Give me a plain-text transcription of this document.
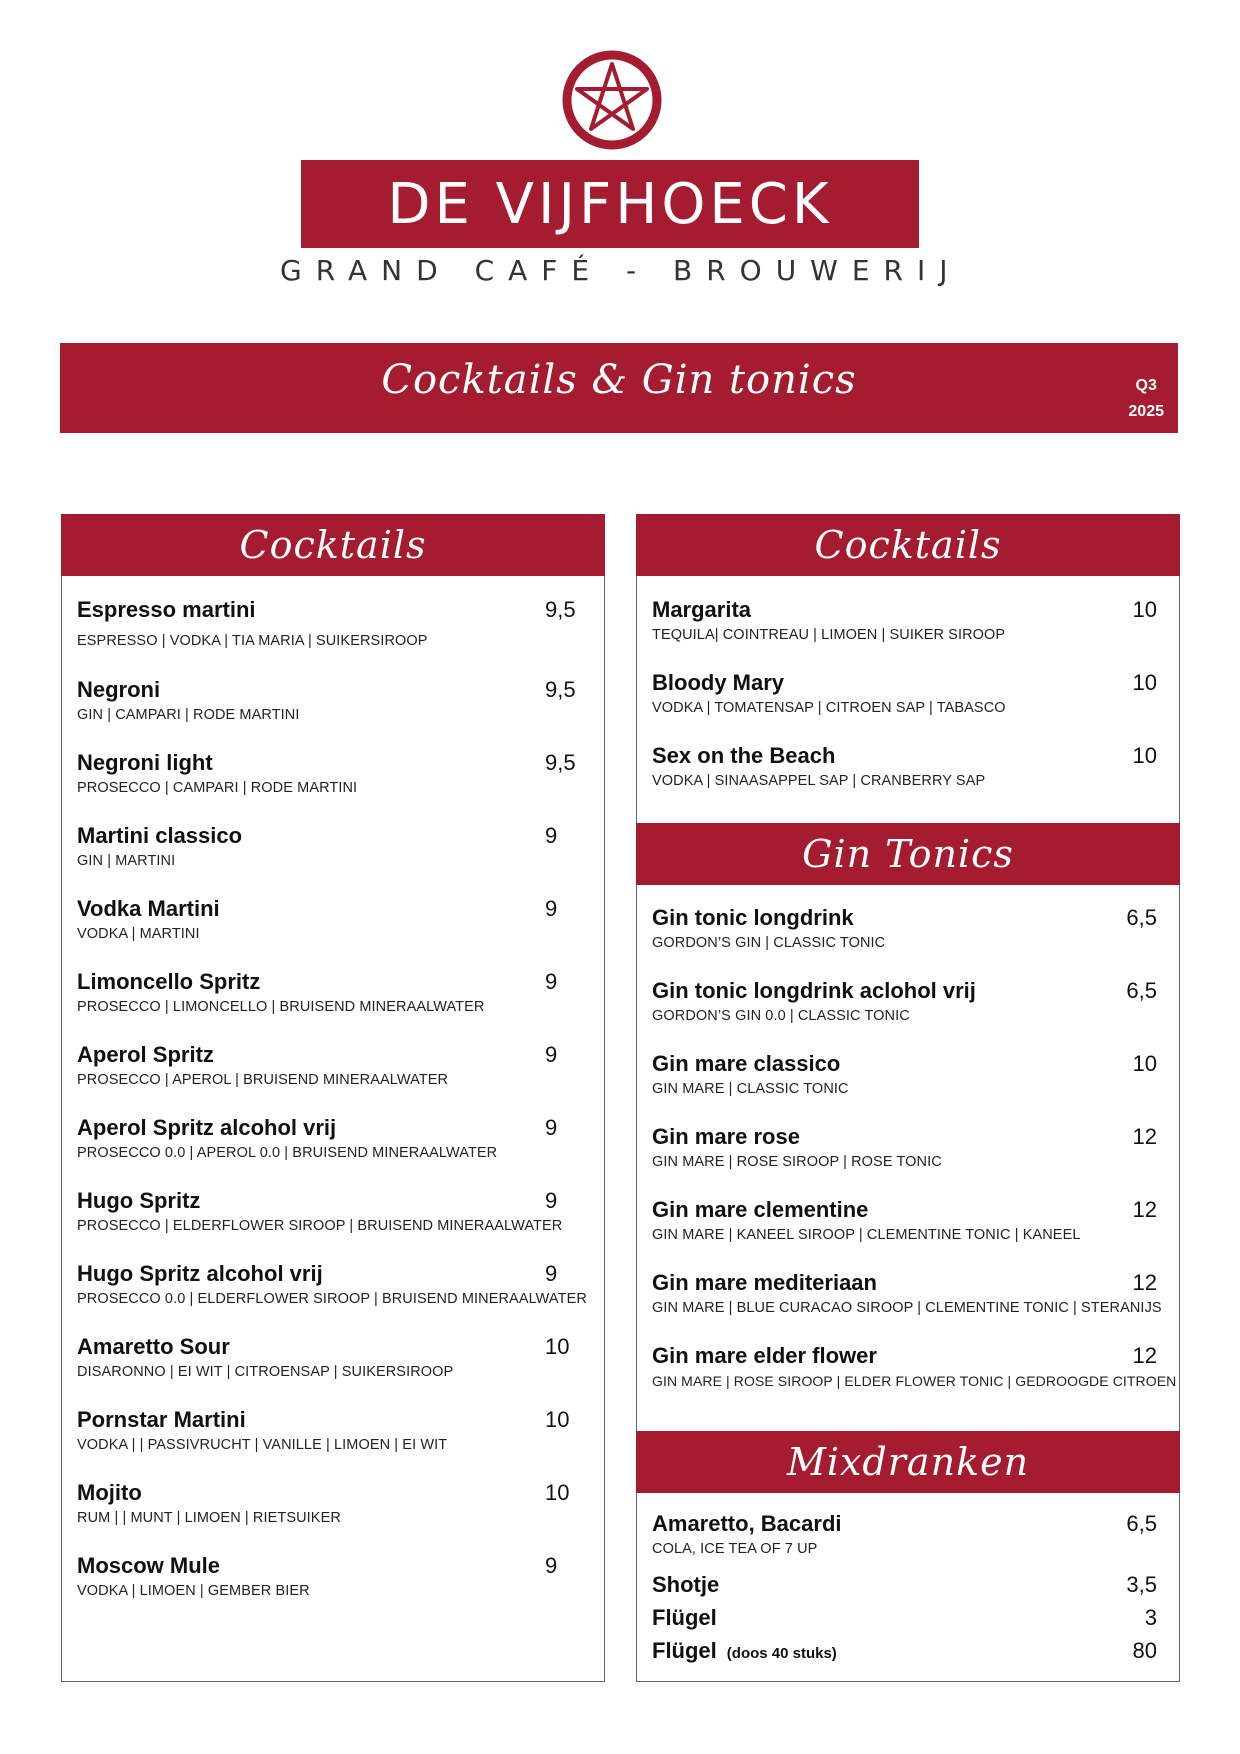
DE VIJFHOECK
GRAND CAFÉ - BROUWERIJ
Cocktails & Gin tonics	Q3
2025
Cocktails
Espresso martini	9,5
ESPRESSO | VODKA | TIA MARIA | SUIKERSIROOP
Negroni	9,5
GIN | CAMPARI | RODE MARTINI
Negroni light	9,5
PROSECCO | CAMPARI | RODE MARTINI
Martini classico	9
GIN | MARTINI
Vodka Martini	9
VODKA | MARTINI
Limoncello Spritz	9
PROSECCO | LIMONCELLO | BRUISEND MINERAALWATER
Aperol Spritz	9
PROSECCO | APEROL | BRUISEND MINERAALWATER
Aperol Spritz alcohol vrij	9
PROSECCO 0.0 | APEROL 0.0 | BRUISEND MINERAALWATER
Hugo Spritz	9
PROSECCO | ELDERFLOWER SIROOP | BRUISEND MINERAALWATER
Hugo Spritz alcohol vrij	9
PROSECCO 0.0 | ELDERFLOWER SIROOP | BRUISEND MINERAALWATER
Amaretto Sour	10
DISARONNO | EI WIT | CITROENSAP | SUIKERSIROOP
Pornstar Martini	10
VODKA | | PASSIVRUCHT | VANILLE | LIMOEN | EI WIT
Mojito	10
RUM | | MUNT | LIMOEN | RIETSUIKER
Moscow Mule	9
VODKA | LIMOEN | GEMBER BIER
Cocktails
Margarita	10
TEQUILA| COINTREAU | LIMOEN | SUIKER SIROOP
Bloody Mary	10
VODKA | TOMATENSAP | CITROEN SAP | TABASCO
Sex on the Beach	10
VODKA | SINAASAPPEL SAP | CRANBERRY SAP
Gin Tonics
Gin tonic longdrink	6,5
GORDON’S GIN | CLASSIC TONIC
Gin tonic longdrink aclohol vrij	6,5
GORDON’S GIN 0.0 | CLASSIC TONIC
Gin mare classico	10
GIN MARE | CLASSIC TONIC
Gin mare rose	12
GIN MARE | ROSE SIROOP | ROSE TONIC
Gin mare clementine	12
GIN MARE | KANEEL SIROOP | CLEMENTINE TONIC | KANEEL
Gin mare mediteriaan	12
GIN MARE | BLUE CURACAO SIROOP | CLEMENTINE TONIC | STERANIJS
Gin mare elder flower	12
GIN MARE | ROSE SIROOP | ELDER FLOWER TONIC | GEDROOGDE CITROEN
Mixdranken
Amaretto, Bacardi	6,5
COLA, ICE TEA OF 7 UP
Shotje	3,5
Flügel	3
Flügel (doos 40 stuks)	80
